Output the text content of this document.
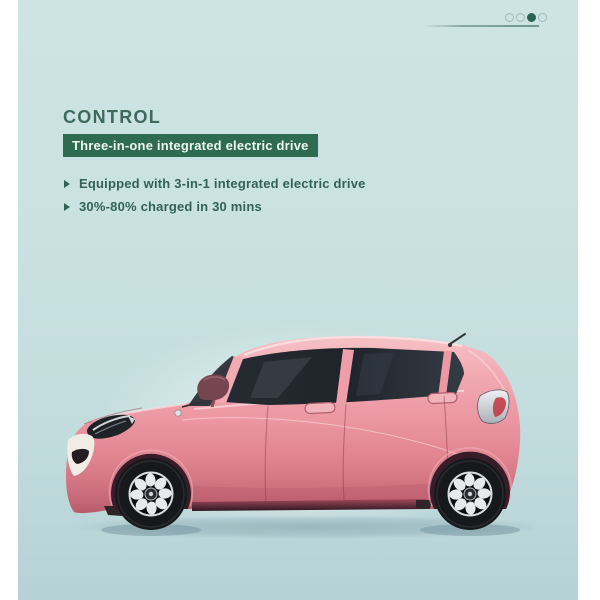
CONTROL
Three-in-one integrated electric drive
Equipped with 3-in-1 integrated electric drive
30%-80% charged in 30 mins
